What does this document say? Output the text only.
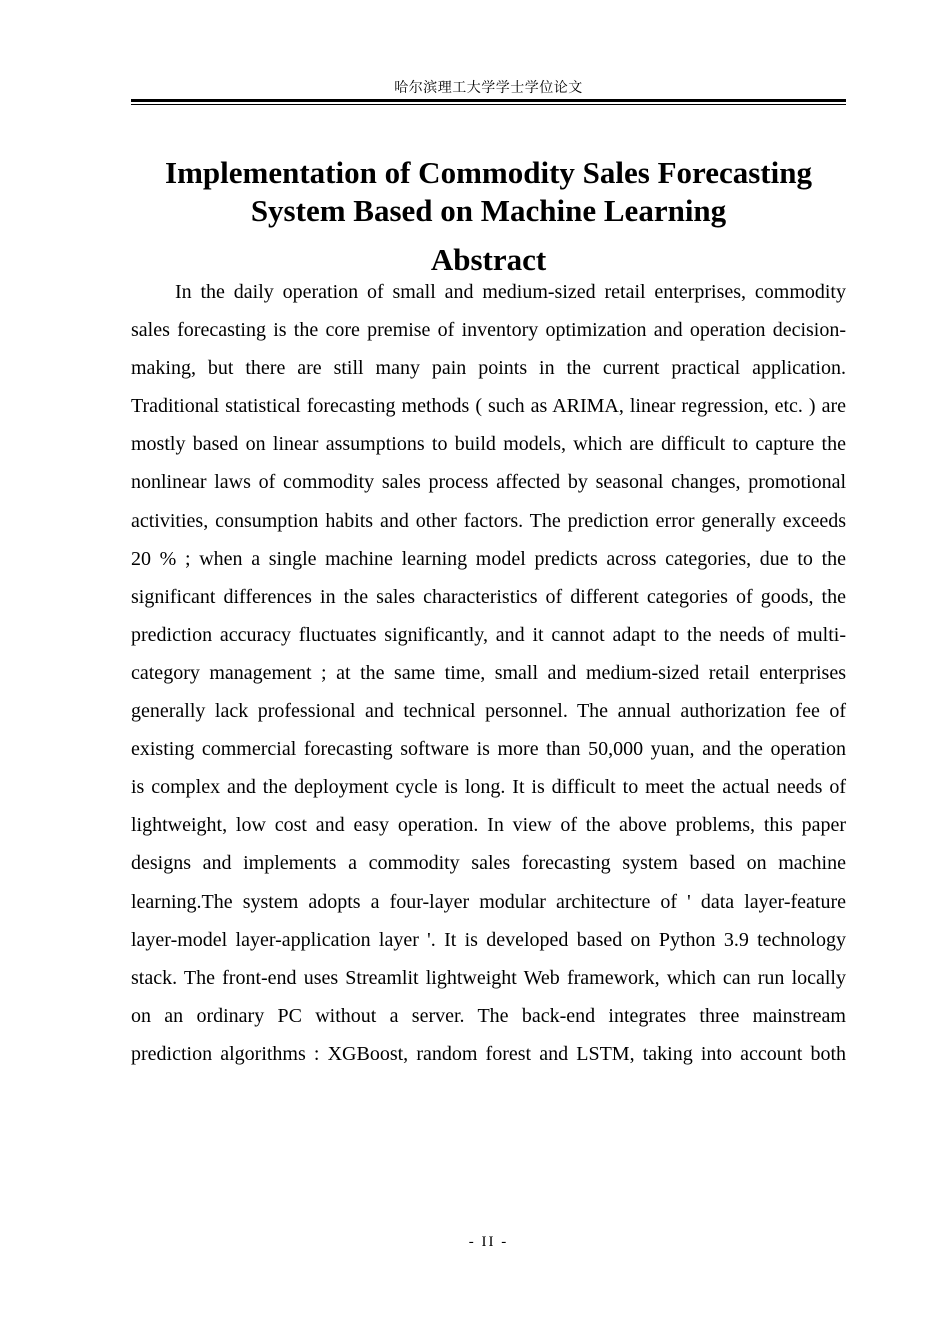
哈尔滨理工大学学士学位论文
Implementation of Commodity Sales Forecasting
System Based on Machine Learning
Abstract

In the daily operation of small and medium-sized retail enterprises, commodity sales forecasting is the core premise of inventory optimization and operation decision-making, but there are still many pain points in the current practical application. Traditional statistical forecasting methods ( such as ARIMA, linear regression, etc. ) are mostly based on linear assumptions to build models, which are difficult to capture the nonlinear laws of commodity sales process affected by seasonal changes, promotional activities, consumption habits and other factors. The prediction error generally exceeds 20 % ; when a single machine learning model predicts across categories, due to the significant differences in the sales characteristics of different categories of goods, the prediction accuracy fluctuates significantly, and it cannot adapt to the needs of multi-category management ; at the same time, small and medium-sized retail enterprises generally lack professional and technical personnel. The annual authorization fee of existing commercial forecasting software is more than 50,000 yuan, and the operation is complex and the deployment cycle is long. It is difficult to meet the actual needs of lightweight, low cost and easy operation. In view of the above problems, this paper designs and implements a commodity sales forecasting system based on machine learning.The system adopts a four-layer modular architecture of ' data layer-feature layer-model layer-application layer '. It is developed based on Python 3.9 technology stack. The front-end uses Streamlit lightweight Web framework, which can run locally on an ordinary PC without a server. The back-end integrates three mainstream prediction algorithms : XGBoost, random forest and LSTM, taking into account both

- II -
